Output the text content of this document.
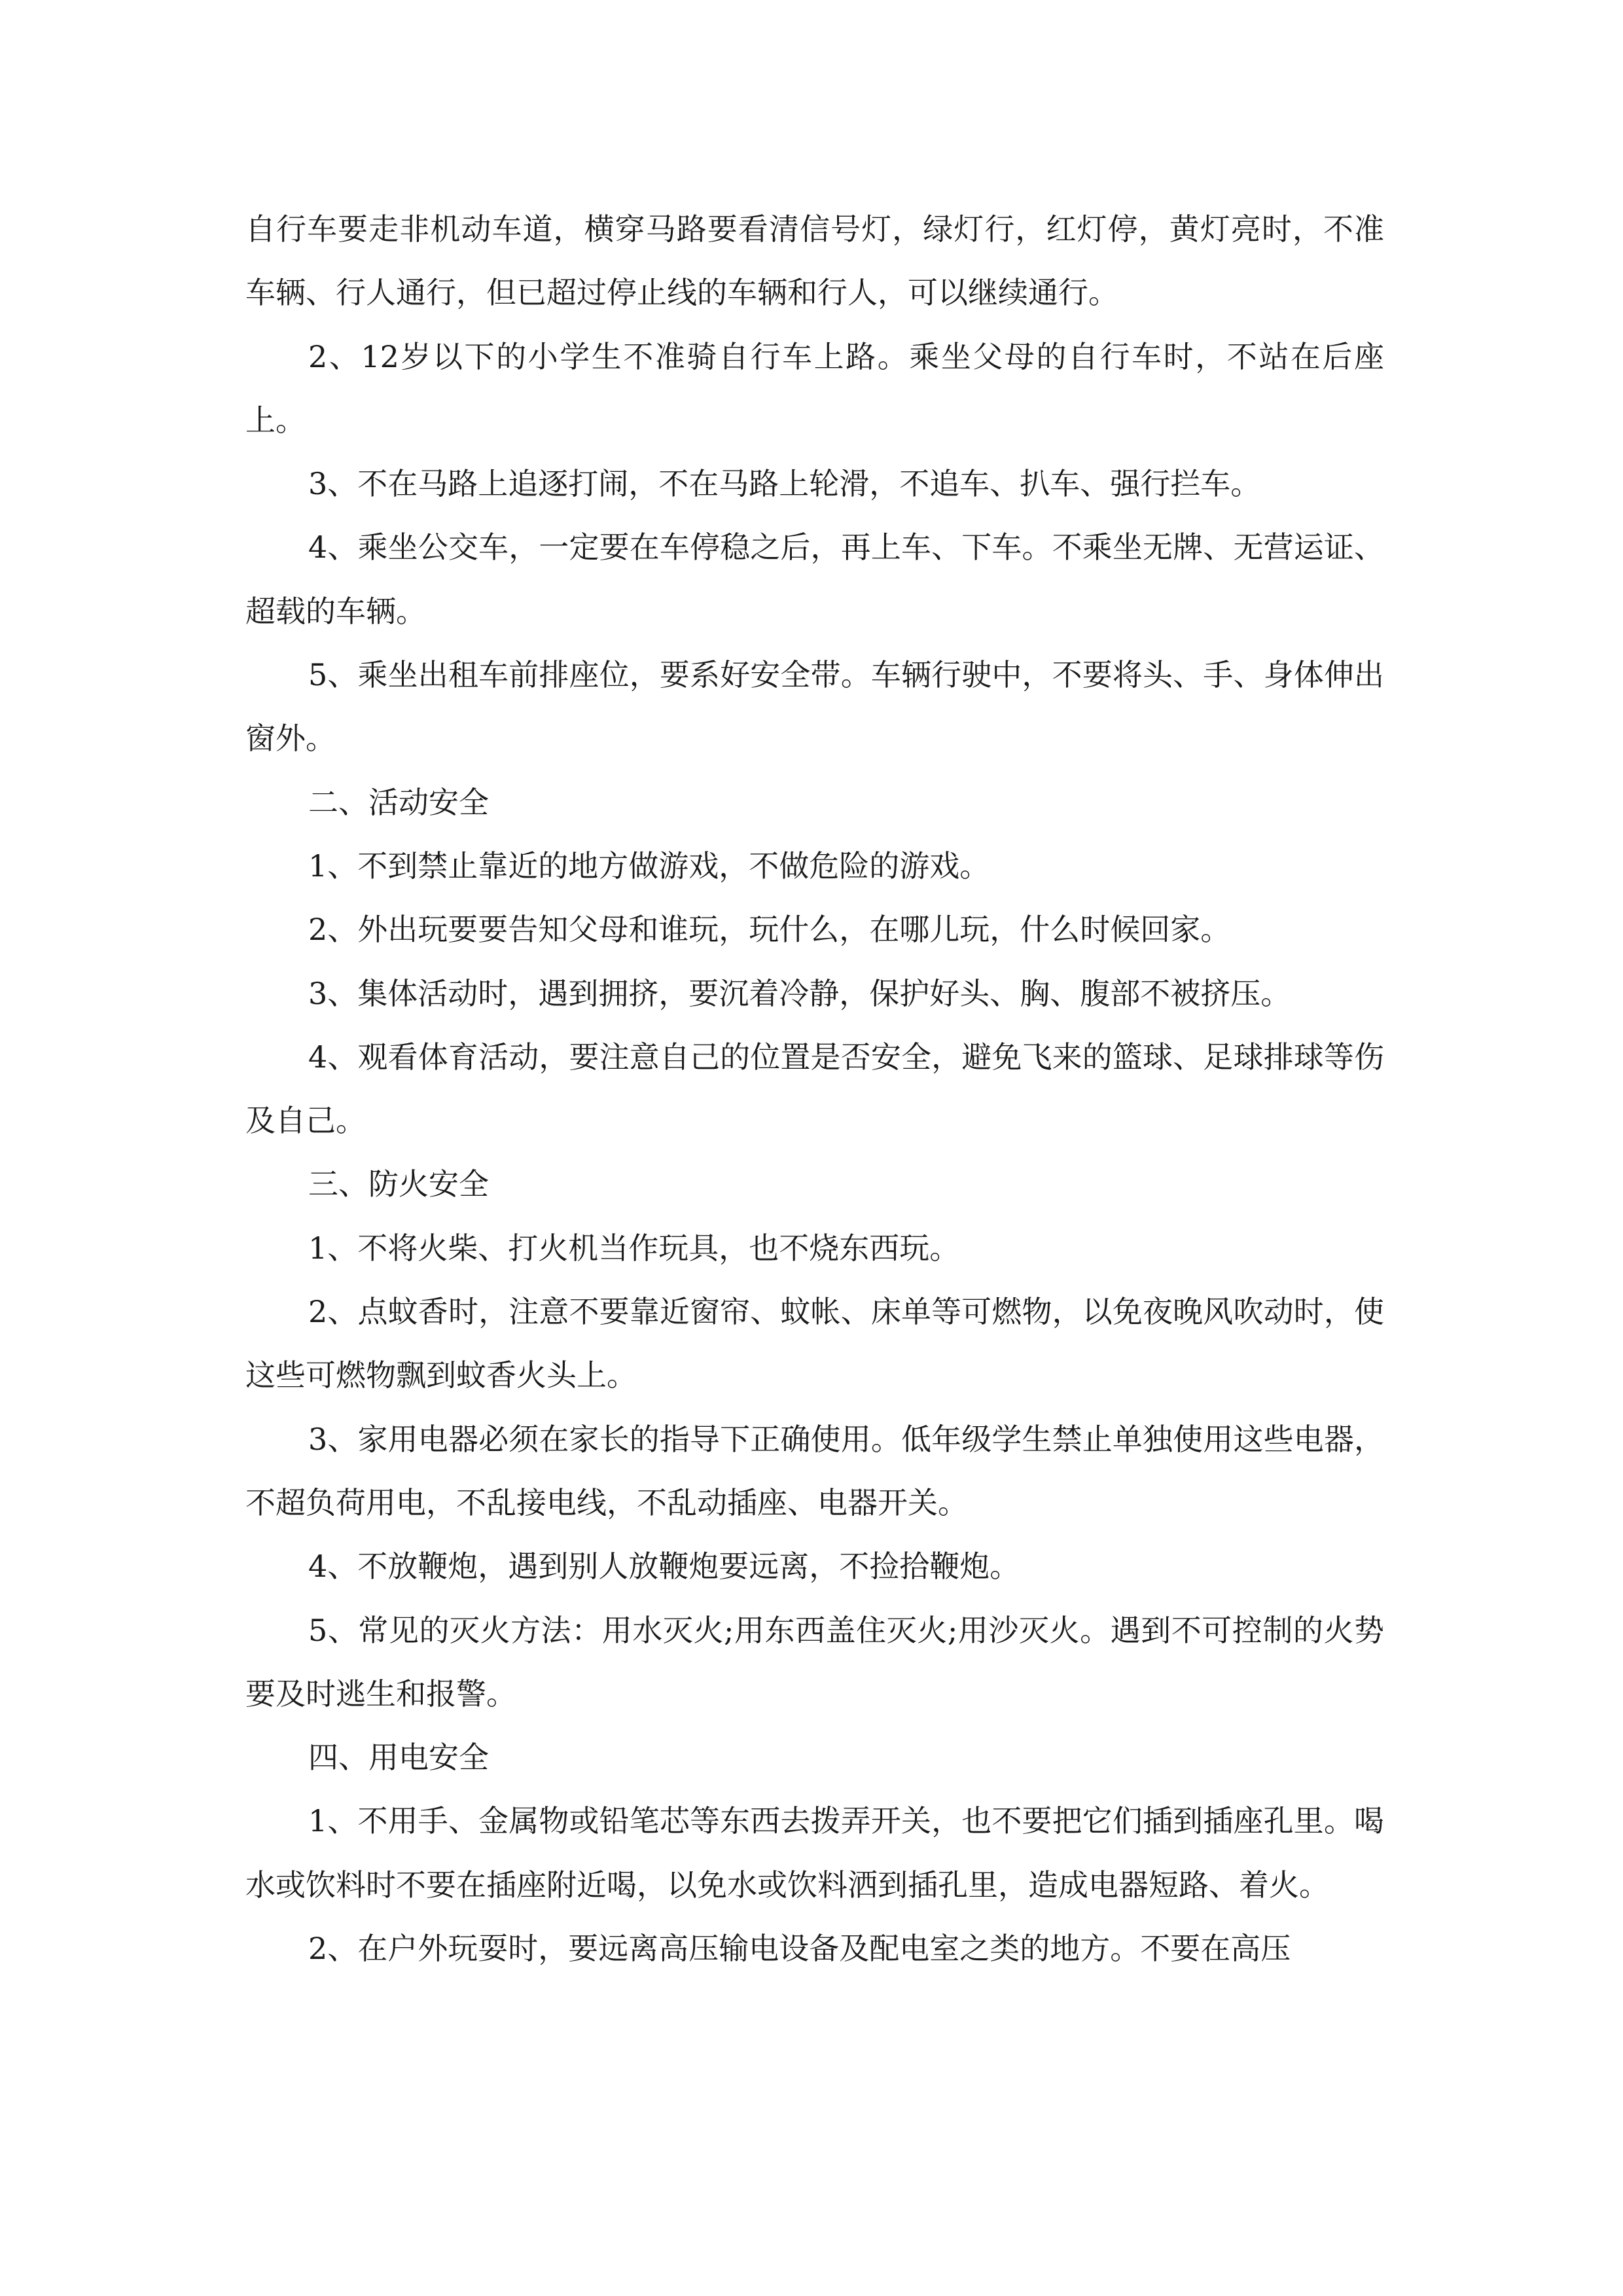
自行车要走非机动车道，横穿马路要看清信号灯，绿灯行，红灯停，黄灯亮时，不准车辆、行人通行，但已超过停止线的车辆和行人，可以继续通行。

2、12岁以下的小学生不准骑自行车上路。乘坐父母的自行车时，不站在后座上。

3、不在马路上追逐打闹，不在马路上轮滑，不追车、扒车、强行拦车。

4、乘坐公交车，一定要在车停稳之后，再上车、下车。不乘坐无牌、无营运证、超载的车辆。

5、乘坐出租车前排座位，要系好安全带。车辆行驶中，不要将头、手、身体伸出窗外。

二、活动安全

1、不到禁止靠近的地方做游戏，不做危险的游戏。

2、外出玩要要告知父母和谁玩，玩什么，在哪儿玩，什么时候回家。

3、集体活动时，遇到拥挤，要沉着冷静，保护好头、胸、腹部不被挤压。

4、观看体育活动，要注意自己的位置是否安全，避免飞来的篮球、足球排球等伤及自己。

三、防火安全

1、不将火柴、打火机当作玩具，也不烧东西玩。

2、点蚊香时，注意不要靠近窗帘、蚊帐、床单等可燃物，以免夜晚风吹动时，使这些可燃物飘到蚊香火头上。

3、家用电器必须在家长的指导下正确使用。低年级学生禁止单独使用这些电器，不超负荷用电，不乱接电线，不乱动插座、电器开关。

4、不放鞭炮，遇到别人放鞭炮要远离，不捡拾鞭炮。

5、常见的灭火方法：用水灭火;用东西盖住灭火;用沙灭火。遇到不可控制的火势要及时逃生和报警。

四、用电安全

1、不用手、金属物或铅笔芯等东西去拨弄开关，也不要把它们插到插座孔里。喝水或饮料时不要在插座附近喝，以免水或饮料洒到插孔里，造成电器短路、着火。

2、在户外玩耍时，要远离高压输电设备及配电室之类的地方。不要在高压
